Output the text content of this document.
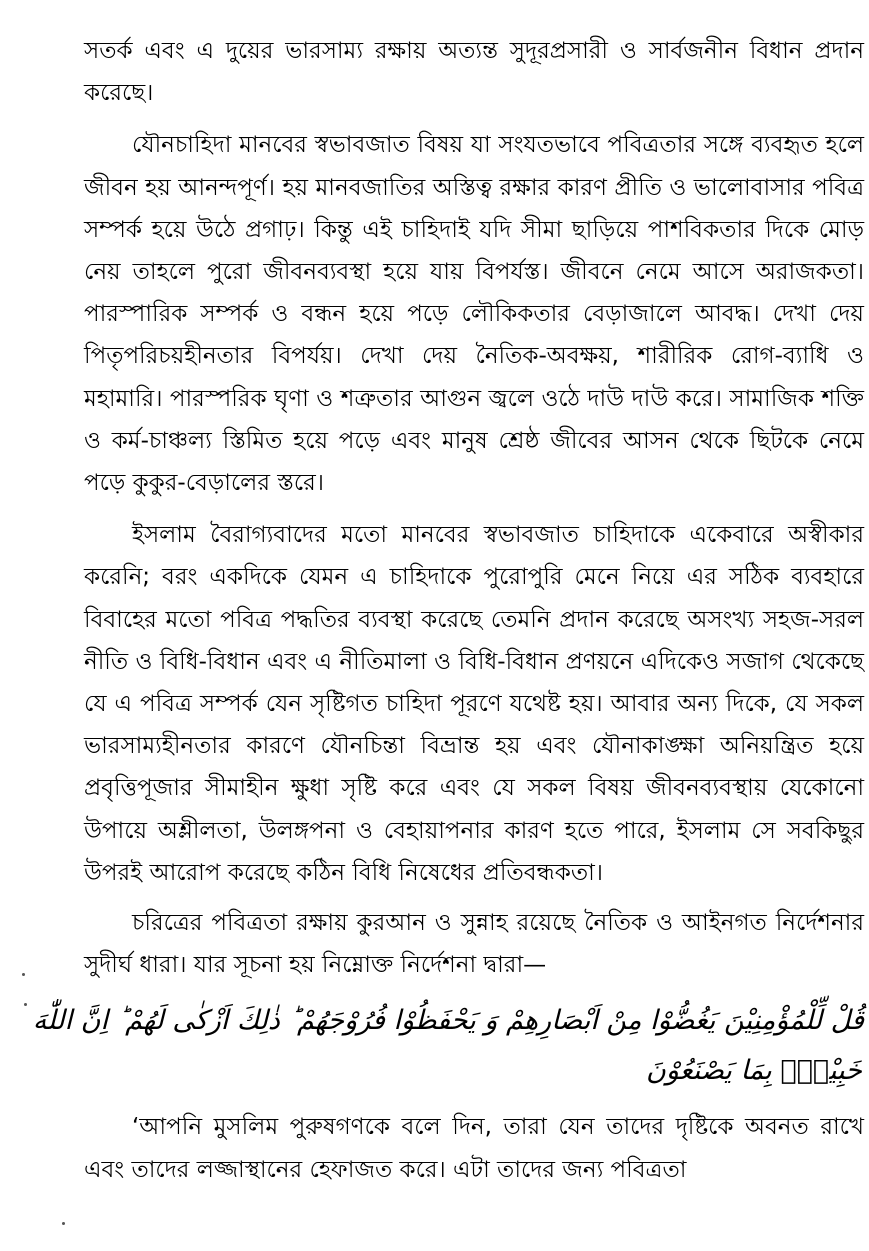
সতর্ক এবং এ দুয়ের ভারসাম্য রক্ষায় অত্যন্ত সুদূরপ্রসারী ও সার্বজনীন বিধান প্রদান করেছে।

যৌনচাহিদা মানবের স্বভাবজাত বিষয় যা সংযতভাবে পবিত্রতার সঙ্গে ব্যবহৃত হলে জীবন হয় আনন্দপূর্ণ। হয় মানবজাতির অস্তিত্ব রক্ষার কারণ প্রীতি ও ভালোবাসার পবিত্র সম্পর্ক হয়ে উঠে প্রগাঢ়। কিন্তু এই চাহিদাই যদি সীমা ছাড়িয়ে পাশবিকতার দিকে মোড় নেয় তাহলে পুরো জীবনব্যবস্থা হয়ে যায় বিপর্যস্ত। জীবনে নেমে আসে অরাজকতা। পারস্পারিক সম্পর্ক ও বন্ধন হয়ে পড়ে লৌকিকতার বেড়াজালে আবদ্ধ। দেখা দেয় পিতৃপরিচয়হীনতার বিপর্যয়। দেখা দেয় নৈতিক-অবক্ষয়, শারীরিক রোগ-ব্যাধি ও মহামারি। পারস্পরিক ঘৃণা ও শত্রুতার আগুন জ্বলে ওঠে দাউ দাউ করে। সামাজিক শক্তি ও কর্ম-চাঞ্চল্য স্তিমিত হয়ে পড়ে এবং মানুষ শ্রেষ্ঠ জীবের আসন থেকে ছিটকে নেমে পড়ে কুকুর-বেড়ালের স্তরে।

ইসলাম বৈরাগ্যবাদের মতো মানবের স্বভাবজাত চাহিদাকে একেবারে অস্বীকার করেনি; বরং একদিকে যেমন এ চাহিদাকে পুরোপুরি মেনে নিয়ে এর সঠিক ব্যবহারে বিবাহের মতো পবিত্র পদ্ধতির ব্যবস্থা করেছে তেমনি প্রদান করেছে অসংখ্য সহজ-সরল নীতি ও বিধি-বিধান এবং এ নীতিমালা ও বিধি-বিধান প্রণয়নে এদিকেও সজাগ থেকেছে যে এ পবিত্র সম্পর্ক যেন সৃষ্টিগত চাহিদা পূরণে যথেষ্ট হয়। আবার অন্য দিকে, যে সকল ভারসাম্যহীনতার কারণে যৌনচিন্তা বিভ্রান্ত হয় এবং যৌনাকাঙ্ক্ষা অনিয়ন্ত্রিত হয়ে প্রবৃত্তিপূজার সীমাহীন ক্ষুধা সৃষ্টি করে এবং যে সকল বিষয় জীবনব্যবস্থায় যেকোনো উপায়ে অশ্লীলতা, উলঙ্গপনা ও বেহায়াপনার কারণ হতে পারে, ইসলাম সে সবকিছুর উপরই আরোপ করেছে কঠিন বিধি নিষেধের প্রতিবন্ধকতা।

চরিত্রের পবিত্রতা রক্ষায় কুরআন ও সুন্নাহ রয়েছে নৈতিক ও আইনগত নির্দেশনার সুদীর্ঘ ধারা। যার সূচনা হয় নিম্নোক্ত নির্দেশনা দ্বারা—

قُلْ لِّلْمُؤْمِنِيْنَ يَغُضُّوْا مِنْ اَبْصَارِهِمْ وَ يَحْفَظُوْا فُرُوْجَهُمْ ؕ ذٰلِكَ اَزْكٰى لَهُمْ ؕ اِنَّ اللّٰهَ
خَبِيْرٌۢ بِمَا يَصْنَعُوْنَ

‘আপনি মুসলিম পুরুষগণকে বলে দিন, তারা যেন তাদের দৃষ্টিকে অবনত রাখে এবং তাদের লজ্জাস্থানের হেফাজত করে। এটা তাদের জন্য পবিত্রতা
